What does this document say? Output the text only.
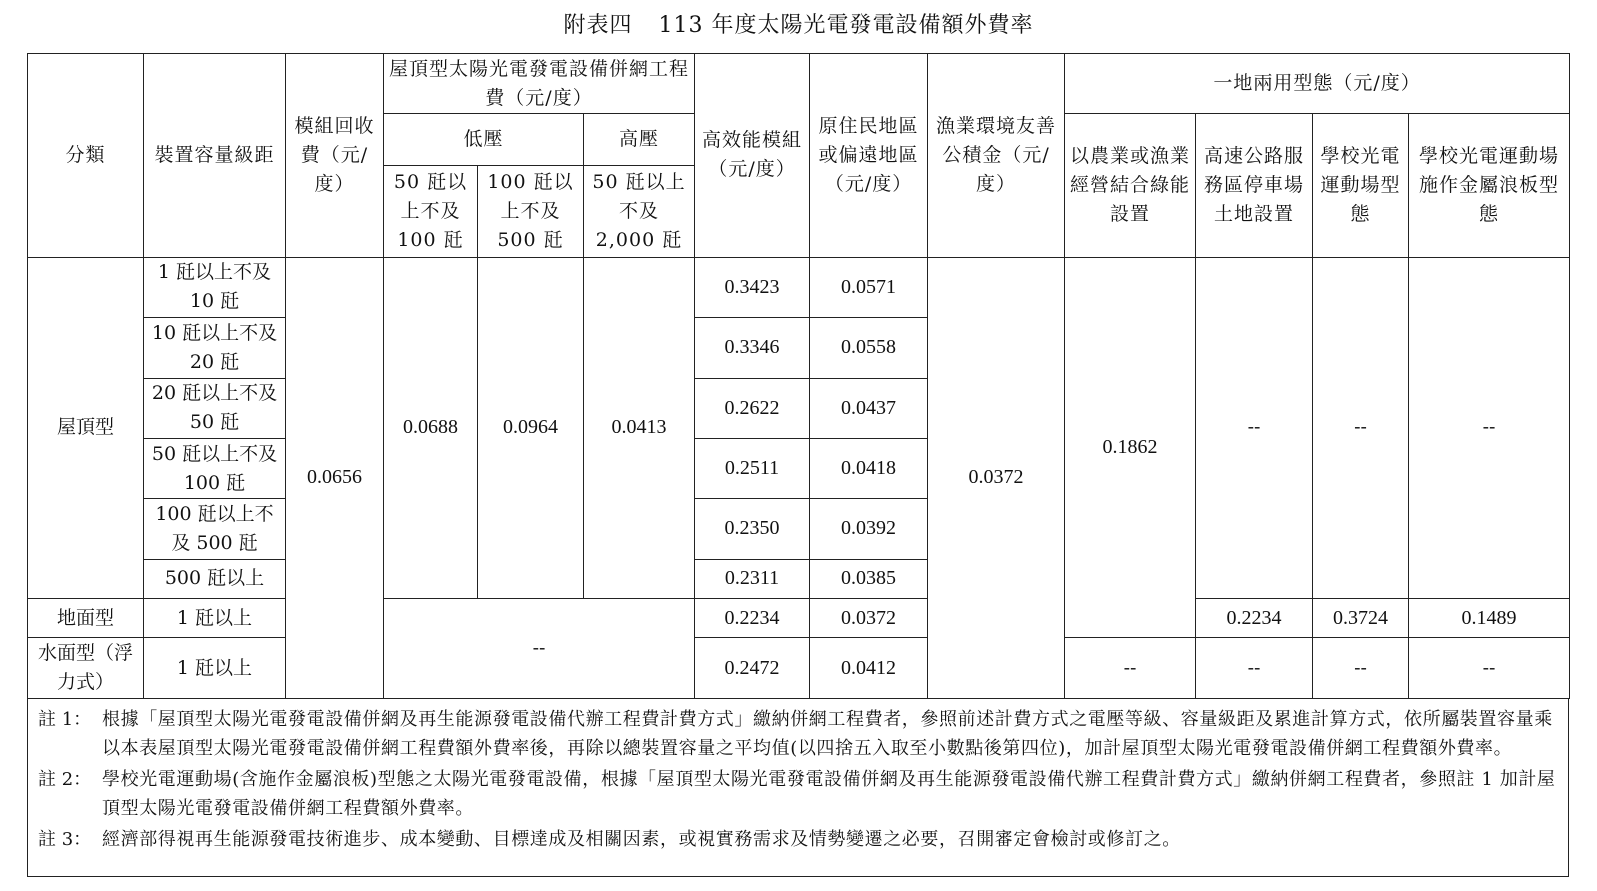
附表四 113 年度太陽光電發電設備額外費率
分類	裝置容量級距	模組回收費（元/度）	屋頂型太陽光電發電設備併網工程費（元/度）			高效能模組（元/度）	原住民地區或偏遠地區（元/度）	漁業環境友善公積金（元/度）	一地兩用型態（元/度）			
			低壓		高壓				以農業或漁業經營結合綠能設置	高速公路服務區停車場土地設置	學校光電運動場型態	學校光電運動場施作金屬浪板型態
			50 瓩以上不及 100 瓩	100 瓩以上不及 500 瓩	50 瓩以上不及 2,000 瓩							
屋頂型	1 瓩以上不及 10 瓩	0.0656	0.0688	0.0964	0.0413	0.3423	0.0571	0.0372	0.1862	--	--	--
	10 瓩以上不及 20 瓩					0.3346	0.0558					
	20 瓩以上不及 50 瓩					0.2622	0.0437					
	50 瓩以上不及 100 瓩					0.2511	0.0418					
	100 瓩以上不及 500 瓩					0.2350	0.0392					
	500 瓩以上					0.2311	0.0385					
地面型	1 瓩以上		--			0.2234	0.0372			0.2234	0.3724	0.1489
水面型（浮力式）	1 瓩以上					0.2472	0.0412		--	--	--	--
註 1： 根據「屋頂型太陽光電發電設備併網及再生能源發電設備代辦工程費計費方式」繳納併網工程費者，參照前述計費方式之電壓等級、容量級距及累進計算方式，依所屬裝置容量乘以本表屋頂型太陽光電發電設備併網工程費額外費率後，再除以總裝置容量之平均值(以四捨五入取至小數點後第四位)，加計屋頂型太陽光電發電設備併網工程費額外費率。
註 2： 學校光電運動場(含施作金屬浪板)型態之太陽光電發電設備，根據「屋頂型太陽光電發電設備併網及再生能源發電設備代辦工程費計費方式」繳納併網工程費者，參照註 1 加計屋頂型太陽光電發電設備併網工程費額外費率。
註 3： 經濟部得視再生能源發電技術進步、成本變動、目標達成及相關因素，或視實務需求及情勢變遷之必要，召開審定會檢討或修訂之。
